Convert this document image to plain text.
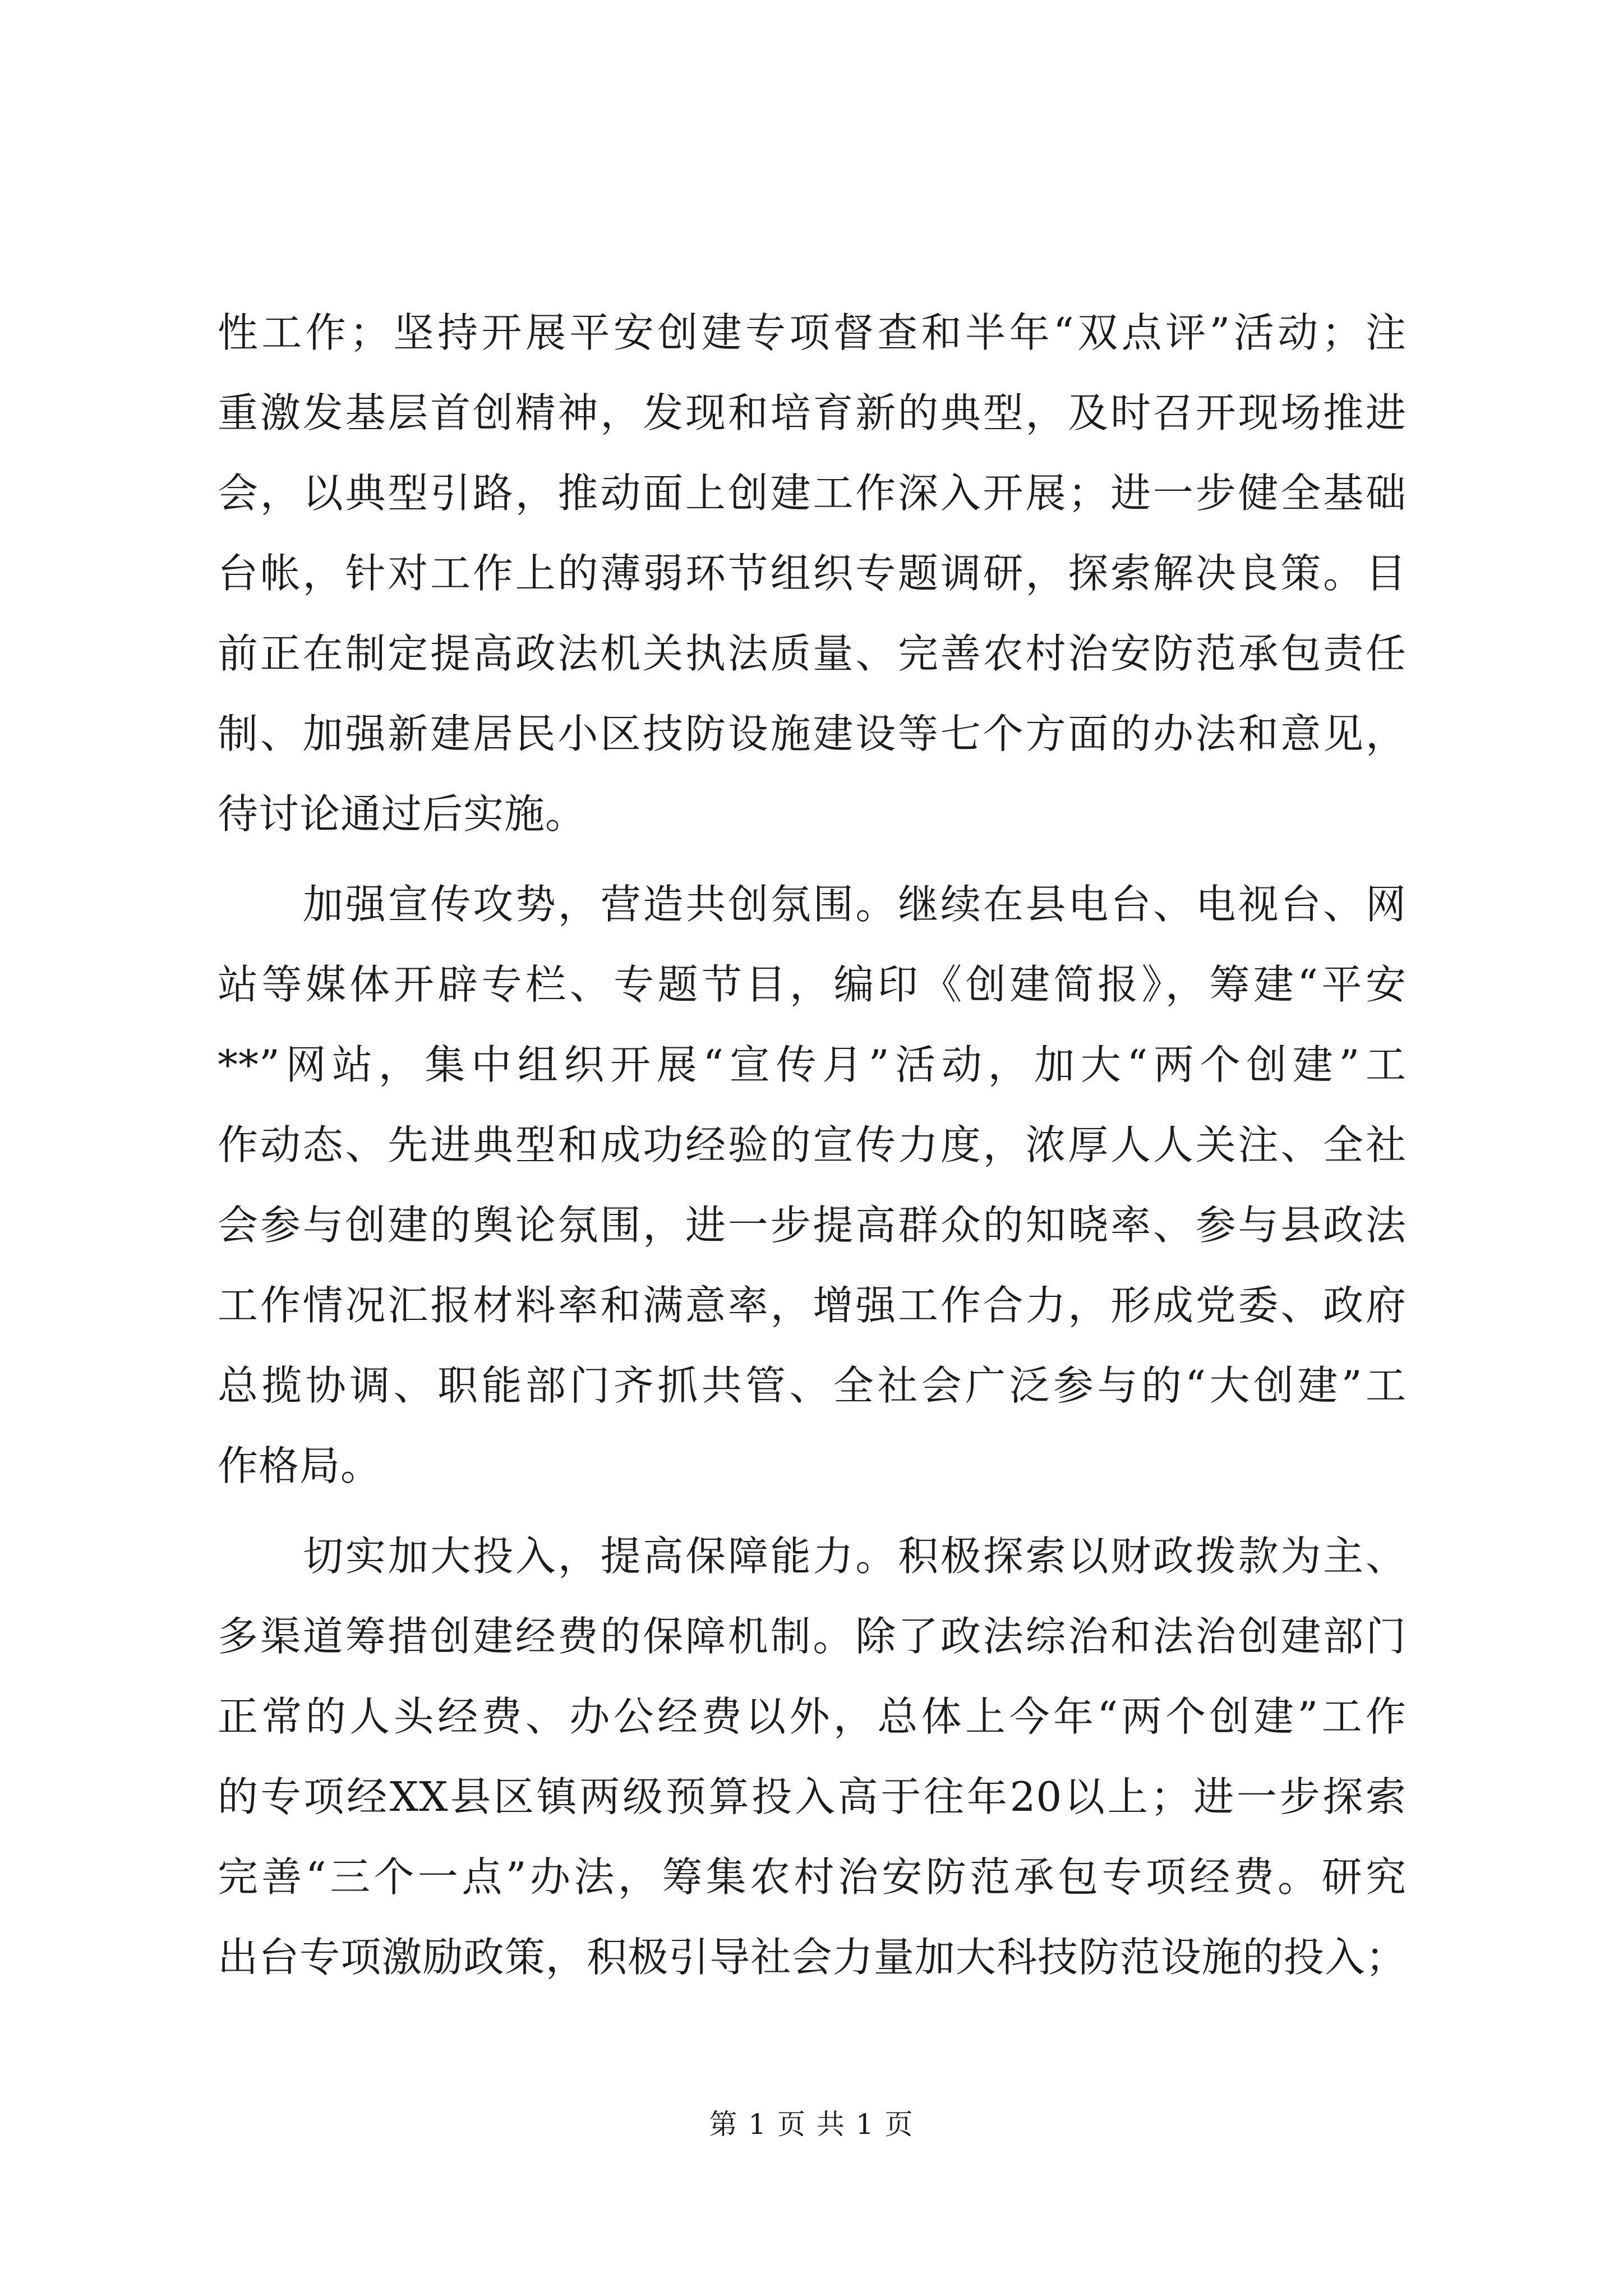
性工作；坚持开展平安创建专项督查和半年“双点评”活动；注
重激发基层首创精神，发现和培育新的典型，及时召开现场推进
会，以典型引路，推动面上创建工作深入开展；进一步健全基础
台帐，针对工作上的薄弱环节组织专题调研，探索解决良策。目
前正在制定提高政法机关执法质量、完善农村治安防范承包责任
制、加强新建居民小区技防设施建设等七个方面的办法和意见，
待讨论通过后实施。
加强宣传攻势，营造共创氛围。继续在县电台、电视台、网
站等媒体开辟专栏、专题节目，编印《创建简报》，筹建“平安
**”网站，集中组织开展“宣传月”活动，加大“两个创建”工
作动态、先进典型和成功经验的宣传力度，浓厚人人关注、全社
会参与创建的舆论氛围，进一步提高群众的知晓率、参与县政法
工作情况汇报材料率和满意率，增强工作合力，形成党委、政府
总揽协调、职能部门齐抓共管、全社会广泛参与的“大创建”工
作格局。
切实加大投入，提高保障能力。积极探索以财政拨款为主、
多渠道筹措创建经费的保障机制。除了政法综治和法治创建部门
正常的人头经费、办公经费以外，总体上今年“两个创建”工作
的专项经XX县区镇两级预算投入高于往年20以上；进一步探索
完善“三个一点”办法，筹集农村治安防范承包专项经费。研究
出台专项激励政策，积极引导社会力量加大科技防范设施的投入；
第 1 页 共 1 页
